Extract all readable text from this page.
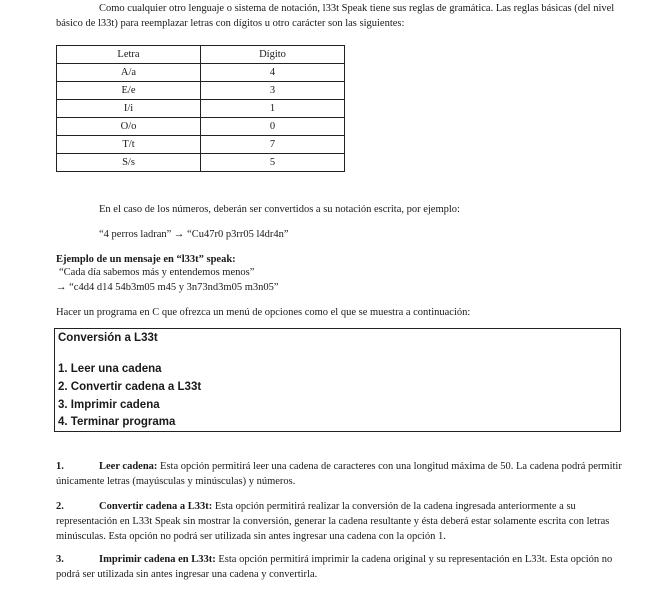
Como cualquier otro lenguaje o sistema de notación, l33t Speak tiene sus reglas de gramática. Las reglas básicas (del nivel básico de l33t) para reemplazar letras con dígitos u otro carácter son las siguientes:
Letra	Dígito
A/a	4
E/e	3
I/i	1
O/o	0
T/t	7
S/s	5
En el caso de los números, deberán ser convertidos a su notación escrita, por ejemplo:
“4 perros ladran” → “Cu47r0 p3rr05 l4dr4n”
Ejemplo de un mensaje en “l33t” speak:
“Cada día sabemos más y entendemos menos”
→ “c4d4 d14 54b3m05 m45 y 3n73nd3m05 m3n05”
Hacer un programa en C que ofrezca un menú de opciones como el que se muestra a continuación:
Conversión a L33t
1. Leer una cadena
2. Convertir cadena a L33t
3. Imprimir cadena
4. Terminar programa
1.	Leer cadena: Esta opción permitirá leer una cadena de caracteres con una longitud máxima de 50. La cadena podrá permitir únicamente letras (mayúsculas y minúsculas) y números.
2.	Convertir cadena a L33t: Esta opción permitirá realizar la conversión de la cadena ingresada anteriormente a su representación en L33t Speak sin mostrar la conversión, generar la cadena resultante y ésta deberá estar solamente escrita con letras minúsculas. Esta opción no podrá ser utilizada sin antes ingresar una cadena con la opción 1.
3.	Imprimir cadena en L33t: Esta opción permitirá imprimir la cadena original y su representación en L33t. Esta opción no podrá ser utilizada sin antes ingresar una cadena y convertirla.
